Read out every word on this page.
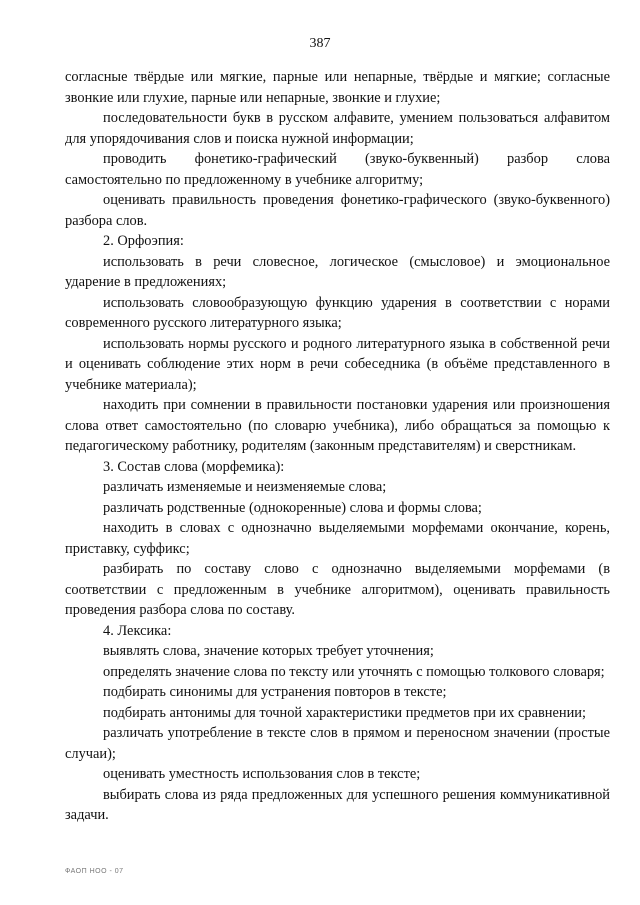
387

согласные твёрдые или мягкие, парные или непарные, твёрдые и мягкие; согласные звонкие или глухие, парные или непарные, звонкие и глухие;

последовательности букв в русском алфавите, умением пользоваться алфавитом для упорядочивания слов и поиска нужной информации;

проводить фонетико-графический (звуко-буквенный) разбор слова самостоятельно по предложенному в учебнике алгоритму;

оценивать правильность проведения фонетико-графического (звуко-буквенного) разбора слов.

2. Орфоэпия:

использовать в речи словесное, логическое (смысловое) и эмоциональное ударение в предложениях;

использовать словообразующую функцию ударения в соответствии с норами современного русского литературного языка;

использовать нормы русского и родного литературного языка в собственной речи и оценивать соблюдение этих норм в речи собеседника (в объёме представленного в учебнике материала);

находить при сомнении в правильности постановки ударения или произношения слова ответ самостоятельно (по словарю учебника), либо обращаться за помощью к педагогическому работнику, родителям (законным представителям) и сверстникам.

3. Состав слова (морфемика):

различать изменяемые и неизменяемые слова;

различать родственные (однокоренные) слова и формы слова;

находить в словах с однозначно выделяемыми морфемами окончание, корень, приставку, суффикс;

разбирать по составу слово с однозначно выделяемыми морфемами (в соответствии с предложенным в учебнике алгоритмом), оценивать правильность проведения разбора слова по составу.

4. Лексика:

выявлять слова, значение которых требует уточнения;

определять значение слова по тексту или уточнять с помощью толкового словаря;

подбирать синонимы для устранения повторов в тексте;

подбирать антонимы для точной характеристики предметов при их сравнении;

различать употребление в тексте слов в прямом и переносном значении (простые случаи);

оценивать уместность использования слов в тексте;

выбирать слова из ряда предложенных для успешного решения коммуникативной задачи.

ФАОП НОО - 07
